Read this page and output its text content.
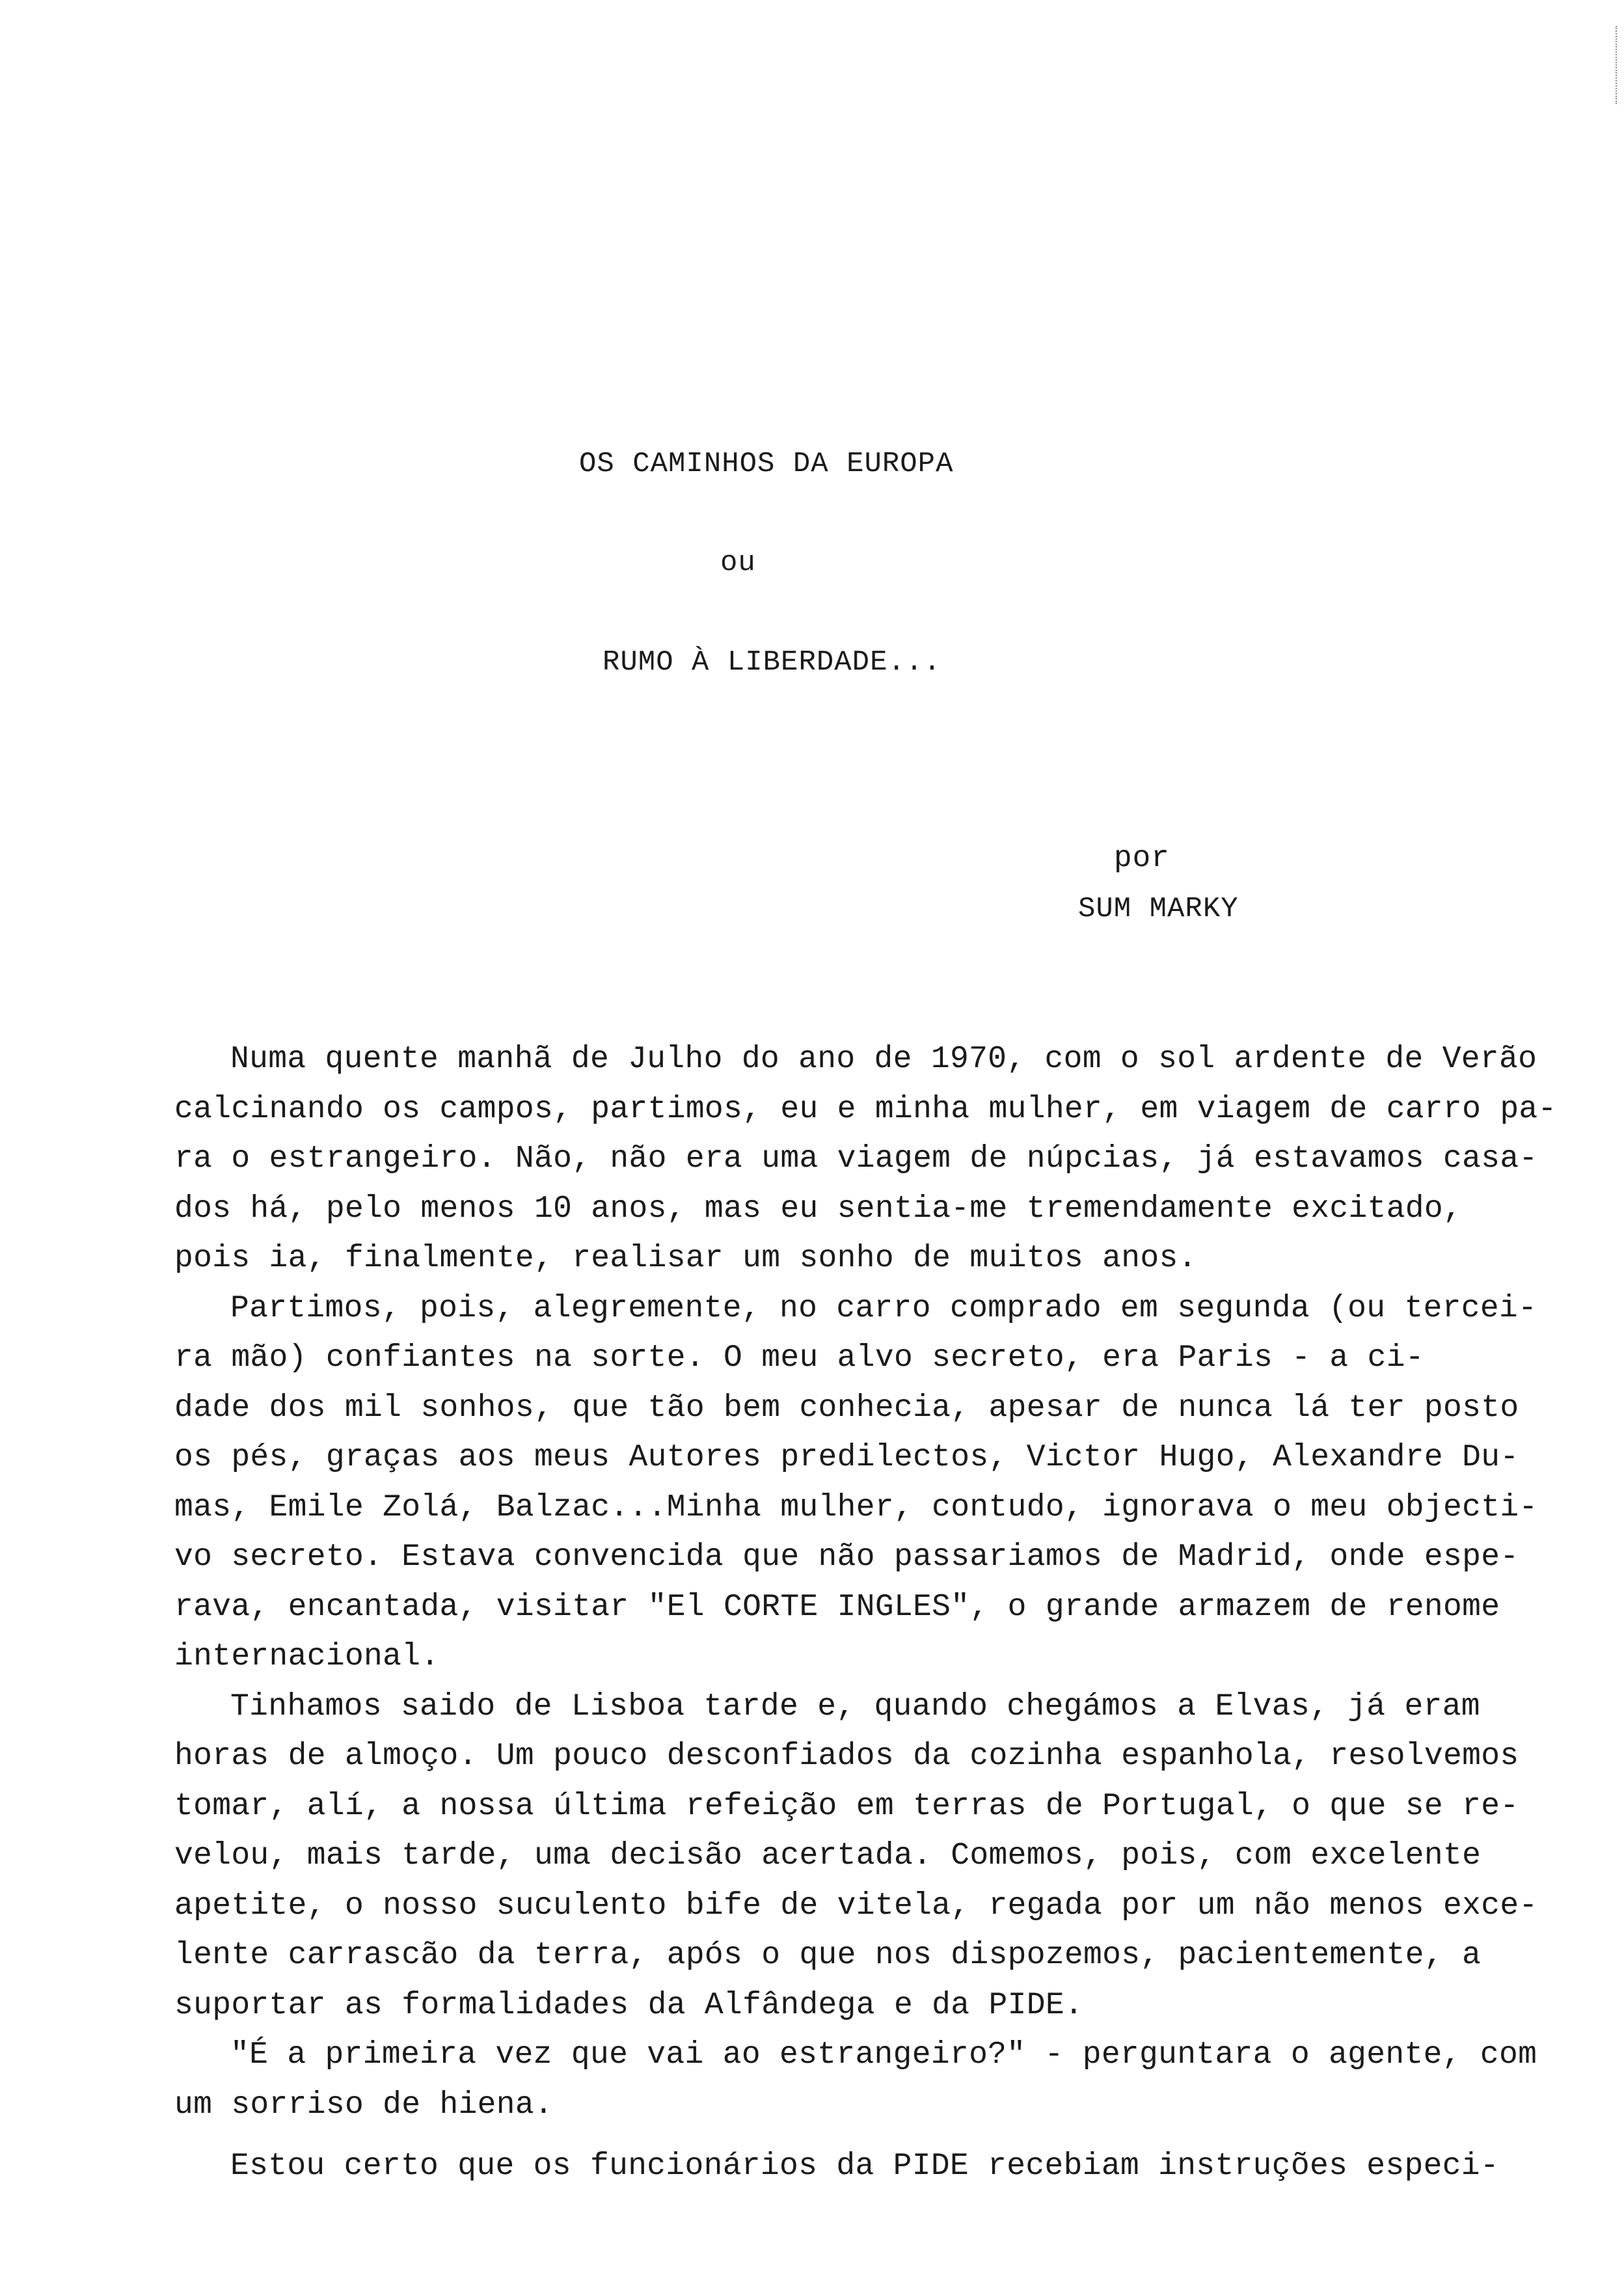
OS CAMINHOS DA EUROPA
ou
RUMO À LIBERDADE...
por
SUM MARKY
Numa quente manhã de Julho do ano de 1970, com o sol ardente de Verão
calcinando os campos, partimos, eu e minha mulher, em viagem de carro pa-
ra o estrangeiro. Não, não era uma viagem de núpcias, já estavamos casa-
dos há, pelo menos 10 anos, mas eu sentia-me tremendamente excitado,
pois ia, finalmente, realisar um sonho de muitos anos.
Partimos, pois, alegremente, no carro comprado em segunda (ou tercei-
ra mão) confiantes na sorte. O meu alvo secreto, era Paris - a ci-
dade dos mil sonhos, que tão bem conhecia, apesar de nunca lá ter posto
os pés, graças aos meus Autores predilectos, Victor Hugo, Alexandre Du-
mas, Emile Zolá, Balzac...Minha mulher, contudo, ignorava o meu objecti-
vo secreto. Estava convencida que não passariamos de Madrid, onde espe-
rava, encantada, visitar "El CORTE INGLES", o grande armazem de renome
internacional.
Tinhamos saido de Lisboa tarde e, quando chegámos a Elvas, já eram
horas de almoço. Um pouco desconfiados da cozinha espanhola, resolvemos
tomar, alí, a nossa última refeição em terras de Portugal, o que se re-
velou, mais tarde, uma decisão acertada. Comemos, pois, com excelente
apetite, o nosso suculento bife de vitela, regada por um não menos exce-
lente carrascão da terra, após o que nos dispozemos, pacientemente, a
suportar as formalidades da Alfândega e da PIDE.
"É a primeira vez que vai ao estrangeiro?" - perguntara o agente, com
um sorriso de hiena.
Estou certo que os funcionários da PIDE recebiam instruções especi-
